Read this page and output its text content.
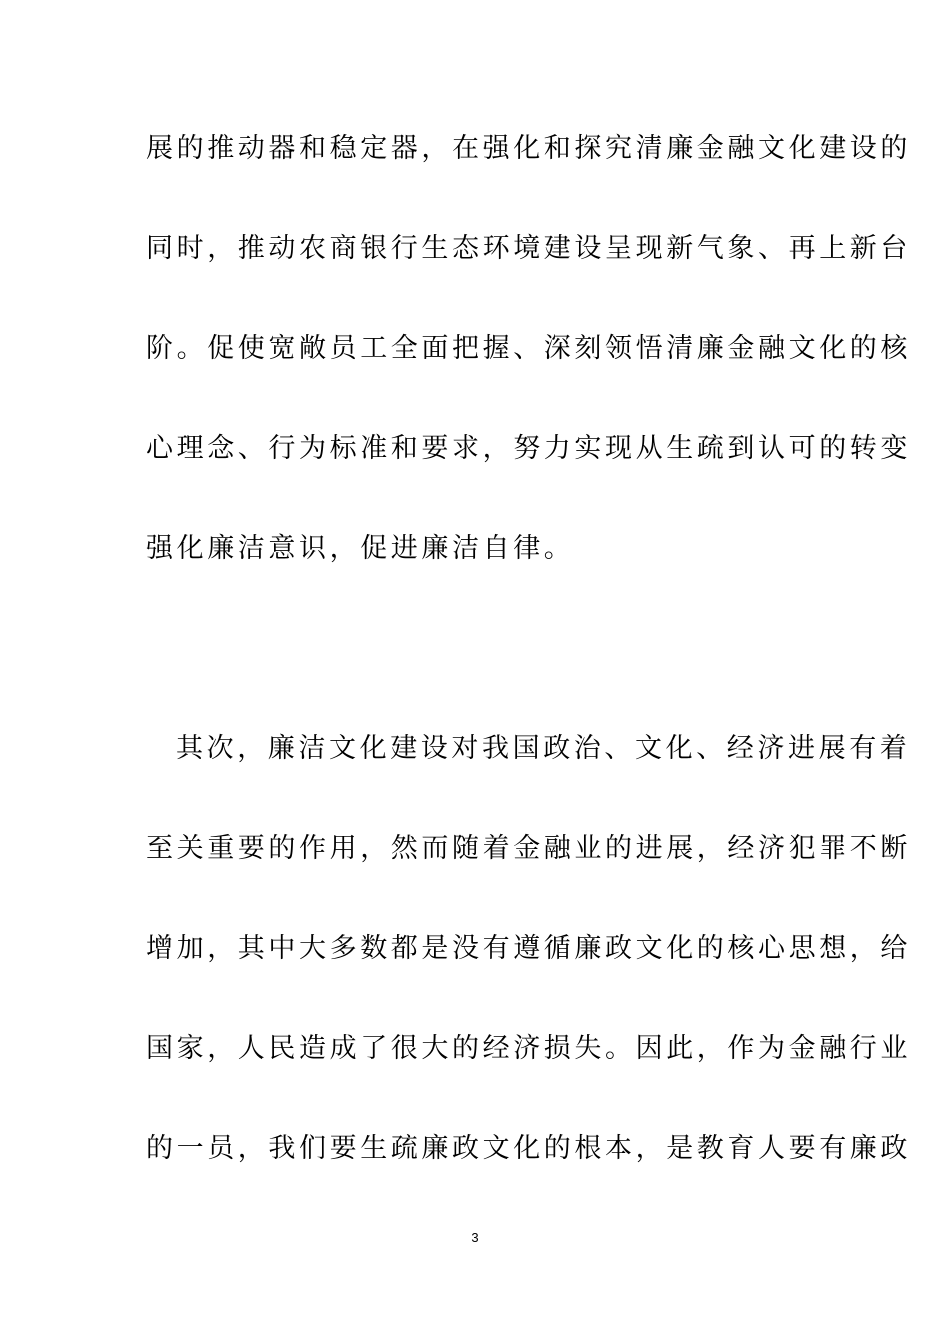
展的推动器和稳定器，在强化和探究清廉金融文化建设的
同时，推动农商银行生态环境建设呈现新气象、再上新台
阶。促使宽敞员工全面把握、深刻领悟清廉金融文化的核
心理念、行为标准和要求，努力实现从生疏到认可的转变
强化廉洁意识，促进廉洁自律。
其次，廉洁文化建设对我国政治、文化、经济进展有着
至关重要的作用，然而随着金融业的进展，经济犯罪不断
增加，其中大多数都是没有遵循廉政文化的核心思想，给
国家，人民造成了很大的经济损失。因此，作为金融行业
的一员，我们要生疏廉政文化的根本，是教育人要有廉政
3
